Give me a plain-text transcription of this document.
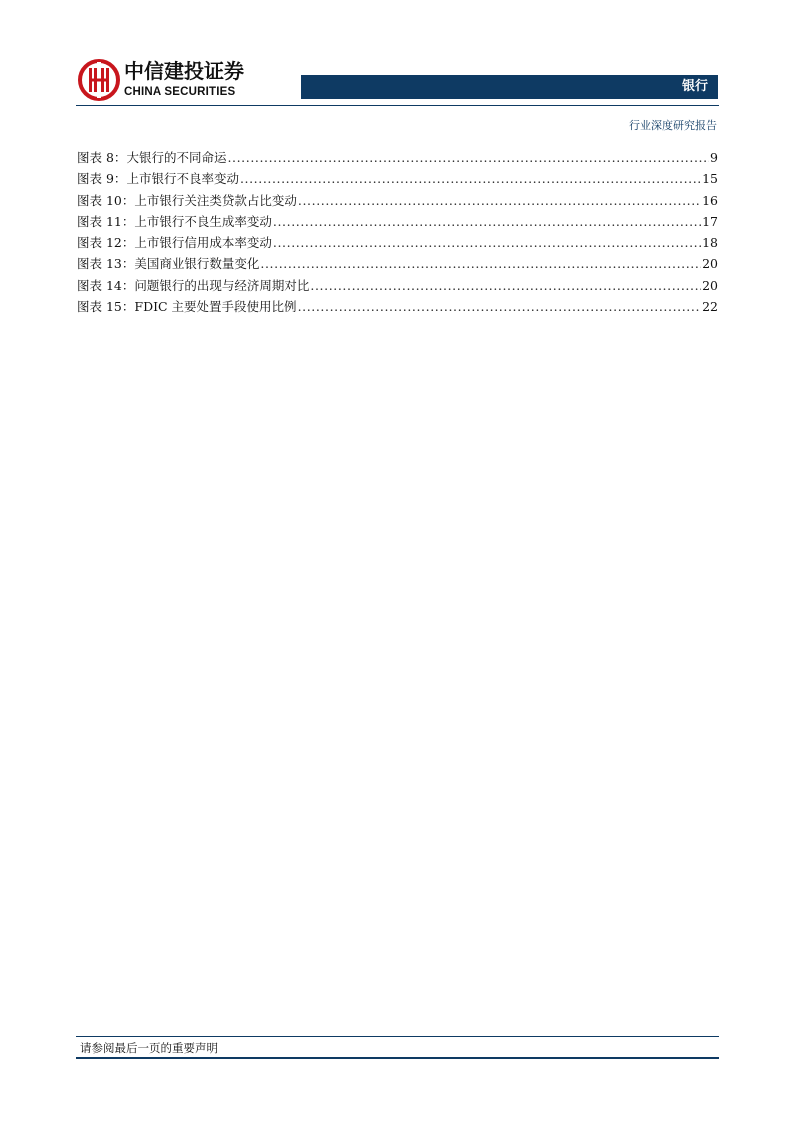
中信建投证券
CHINA SECURITIES	银行
行业深度研究报告
图表 8： 大银行的不同命运 .....	9
图表 9： 上市银行不良率变动 .....	15
图表 10： 上市银行关注类贷款占比变动 .....	16
图表 11： 上市银行不良生成率变动 .....	17
图表 12： 上市银行信用成本率变动 .....	18
图表 13： 美国商业银行数量变化 .....	20
图表 14： 问题银行的出现与经济周期对比 .....	20
图表 15： FDIC 主要处置手段使用比例 .....	22
请参阅最后一页的重要声明
